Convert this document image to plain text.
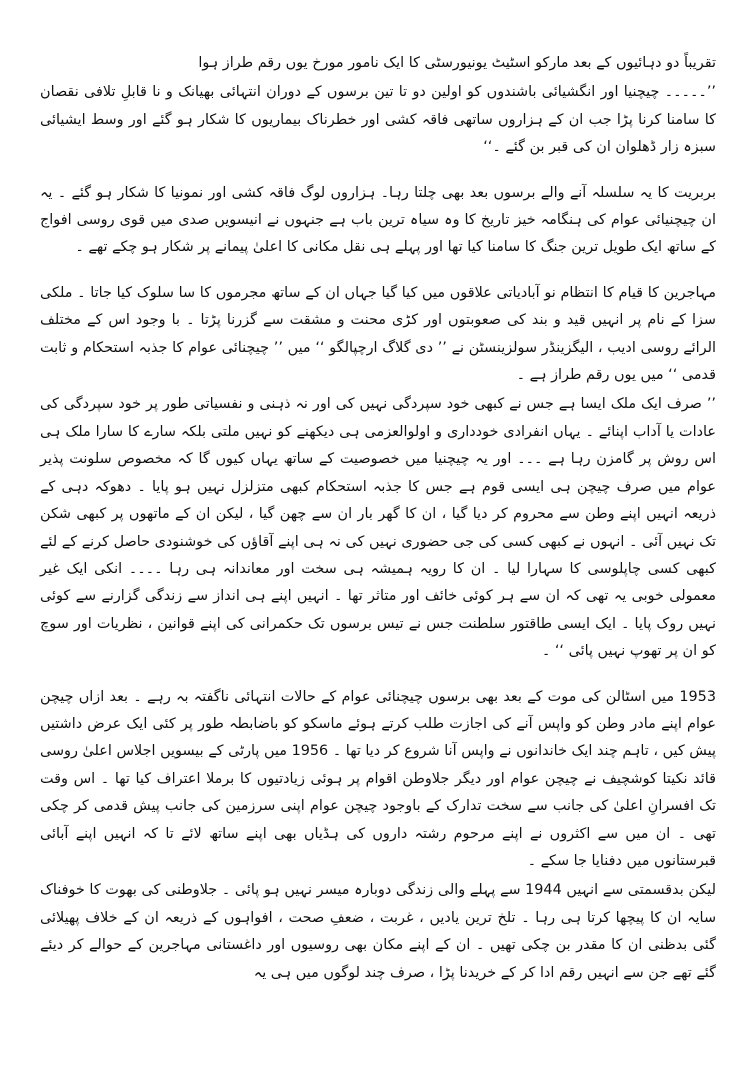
تقریباً دو دہائیوں کے بعد مارکو اسٹیٹ یونیورسٹی کا ایک نامور مورخ یوں رقم طراز ہوا

’’۔۔۔۔۔ چیچنیا اور انگشیائی باشندوں کو اولین دو تا تین برسوں کے دوران انتہائی بھیانک و نا قابلِ تلافی نقصان کا سامنا کرنا پڑا جب ان کے ہزاروں ساتھی فاقہ کشی اور خطرناک بیماریوں کا شکار ہو گئے اور وسط ایشیائی سبزہ زار ڈھلوان ان کی قبر بن گئے ۔‘‘

بربریت کا یہ سلسلہ آنے والے برسوں بعد بھی چلتا رہا۔ ہزاروں لوگ فاقہ کشی اور نمونیا کا شکار ہو گئے ۔ یہ ان چیچنیائی عوام کی ہنگامہ خیز تاریخ کا وہ سیاہ ترین باب ہے جنہوں نے انیسویں صدی میں قوی روسی افواج کے ساتھ ایک طویل ترین جنگ کا سامنا کیا تھا اور پہلے ہی نقل مکانی کا اعلیٰ پیمانے پر شکار ہو چکے تھے ۔

مہاجرین کا قیام کا انتظام نو آبادیاتی علاقوں میں کیا گیا جہاں ان کے ساتھ مجرموں کا سا سلوک کیا جاتا ۔ ملکی سزا کے نام پر انہیں قید و بند کی صعوبتوں اور کڑی محنت و مشقت سے گزرنا پڑتا ۔ با وجود اس کے مختلف الرائے روسی ادیب ، الیگزینڈر سولزینسٹن نے ’’ دی گلاگ ارچپالگو ‘‘ میں ’’ چیچنائی عوام کا جذبہ استحکام و ثابت قدمی ‘‘ میں یوں رقم طراز ہے ۔

’’ صرف ایک ملک ایسا ہے جس نے کبھی خود سپردگی نہیں کی اور نہ ذہنی و نفسیاتی طور پر خود سپردگی کی عادات یا آداب اپنائے ۔ یہاں انفرادی خودداری و اولوالعزمی ہی دیکھنے کو نہیں ملتی بلکہ سارے کا سارا ملک ہی اس روش پر گامزن رہا ہے ۔۔۔ اور یہ چیچنیا میں خصوصیت کے ساتھ یہاں کیوں گا کہ مخصوص سلونت پذیر عوام میں صرف چیچن ہی ایسی قوم ہے جس کا جذبہ استحکام کبھی متزلزل نہیں ہو پایا ۔ دھوکہ دہی کے ذریعہ انہیں اپنے وطن سے محروم کر دیا گیا ، ان کا گھر بار ان سے چھن گیا ، لیکن ان کے ماتھوں پر کبھی شکن تک نہیں آئی ۔ انہوں نے کبھی کسی کی جی حضوری نہیں کی نہ ہی اپنے آقاؤں کی خوشنودی حاصل کرنے کے لئے کبھی کسی چاپلوسی کا سہارا لیا ۔ ان کا رویہ ہمیشہ ہی سخت اور معاندانہ ہی رہا ۔۔۔۔ انکی ایک غیر معمولی خوبی یہ تھی کہ ان سے ہر کوئی خائف اور متاثر تھا ۔ انہیں اپنے ہی انداز سے زندگی گزارنے سے کوئی نہیں روک پایا ۔ ایک ایسی طاقتور سلطنت جس نے تیس برسوں تک حکمرانی کی اپنے قوانین ، نظریات اور سوچ کو ان پر تھوپ نہیں پائی ‘‘ ۔

1953 میں اسٹالن کی موت کے بعد بھی برسوں چیچنائی عوام کے حالات انتہائی ناگفتہ بہ رہے ۔ بعد ازاں چیچن عوام اپنے مادر وطن کو واپس آنے کی اجازت طلب کرتے ہوئے ماسکو کو باضابطہ طور پر کئی ایک عرض داشتیں پیش کیں ، تاہم چند ایک خاندانوں نے واپس آنا شروع کر دیا تھا ۔ 1956 میں پارٹی کے بیسویں اجلاس اعلیٰ روسی قائد نکیتا کوشچیف نے چیچن عوام اور دیگر جلاوطن اقوام پر ہوئی زیادتیوں کا برملا اعتراف کیا تھا ۔ اس وقت تک افسرانِ اعلیٰ کی جانب سے سخت تدارک کے باوجود چیچن عوام اپنی سرزمین کی جانب پیش قدمی کر چکی تھی ۔ ان میں سے اکثروں نے اپنے مرحوم رشتہ داروں کی ہڈیاں بھی اپنے ساتھ لائے تا کہ انہیں اپنے آبائی قبرستانوں میں دفنایا جا سکے ۔

لیکن بدقسمتی سے انہیں 1944 سے پہلے والی زندگی دوبارہ میسر نہیں ہو پائی ۔ جلاوطنی کی بھوت کا خوفناک سایہ ان کا پیچھا کرتا ہی رہا ۔ تلخ ترین یادیں ، غربت ، ضعفِ صحت ، افواہوں کے ذریعہ ان کے خلاف پھیلائی گئی بدظنی ان کا مقدر بن چکی تھیں ۔ ان کے اپنے مکان بھی روسیوں اور داغستانی مہاجرین کے حوالے کر دیئے گئے تھے جن سے انہیں رقم ادا کر کے خریدنا پڑا ، صرف چند لوگوں میں ہی یہ
